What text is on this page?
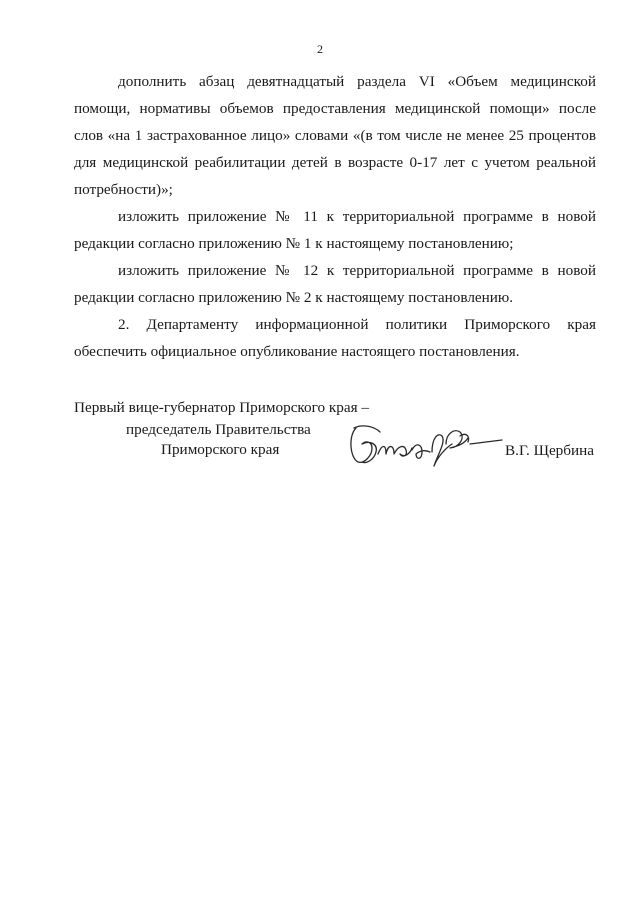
2

дополнить абзац девятнадцатый раздела VI «Объем медицинской помощи, нормативы объемов предоставления медицинской помощи» после слов «на 1 застрахованное лицо» словами «(в том числе не менее 25 процентов для медицинской реабилитации детей в возрасте 0-17 лет с учетом реальной потребности)»;

изложить приложение № 11 к территориальной программе в новой редакции согласно приложению № 1 к настоящему постановлению;

изложить приложение № 12 к территориальной программе в новой редакции согласно приложению № 2 к настоящему постановлению.

2. Департаменту информационной политики Приморского края обеспечить официальное опубликование настоящего постановления.

Первый вице-губернатор Приморского края –
председатель Правительства
Приморского края	В.Г. Щербина
